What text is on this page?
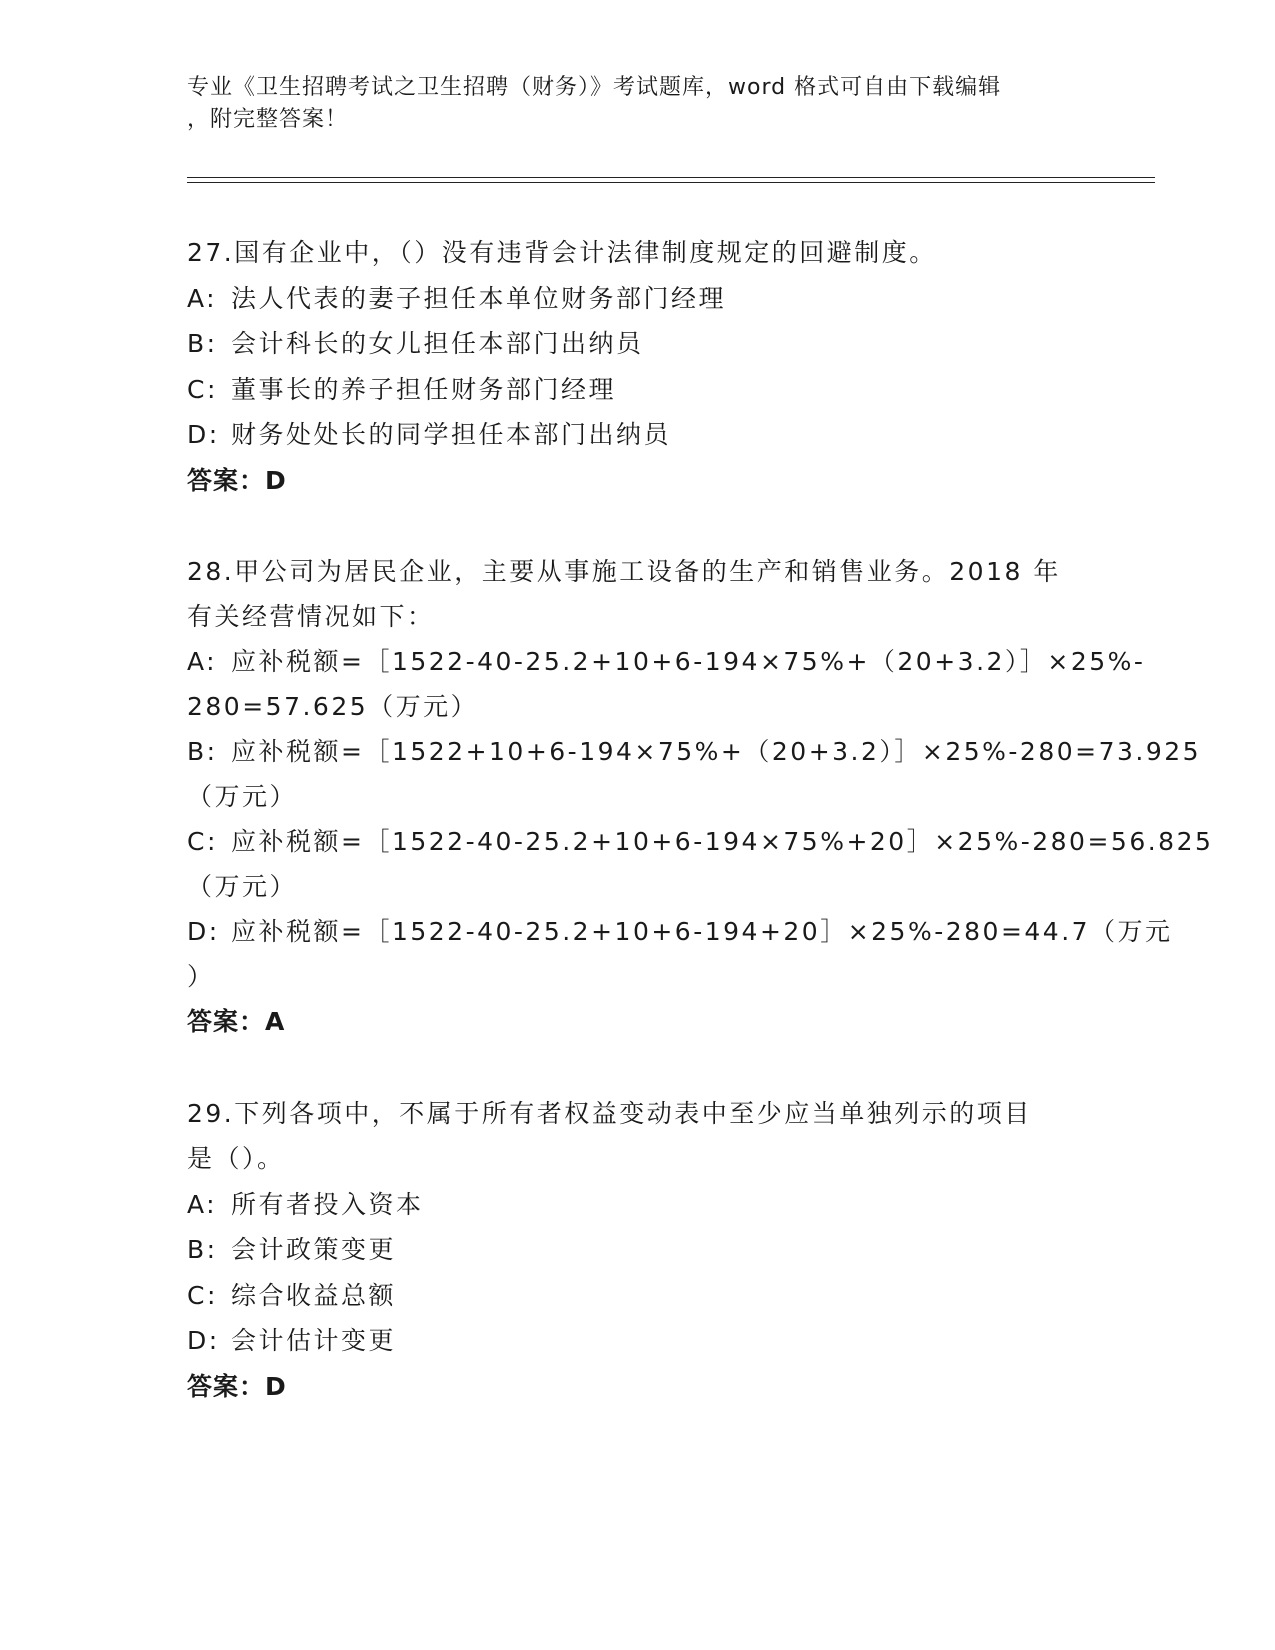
专业《卫生招聘考试之卫生招聘（财务）》考试题库，word 格式可自由下载编辑
，附完整答案！
27.国有企业中，（）没有违背会计法律制度规定的回避制度。
A: 法人代表的妻子担任本单位财务部门经理
B: 会计科长的女儿担任本部门出纳员
C: 董事长的养子担任财务部门经理
D: 财务处处长的同学担任本部门出纳员
答案：D
28.甲公司为居民企业，主要从事施工设备的生产和销售业务。2018 年
有关经营情况如下：
A: 应补税额=［1522-40-25.2+10+6-194×75%+（20+3.2）］×25%-
280=57.625（万元）
B: 应补税额=［1522+10+6-194×75%+（20+3.2）］×25%-280=73.925
（万元）
C: 应补税额=［1522-40-25.2+10+6-194×75%+20］×25%-280=56.825
（万元）
D: 应补税额=［1522-40-25.2+10+6-194+20］×25%-280=44.7（万元
）
答案：A
29.下列各项中，不属于所有者权益变动表中至少应当单独列示的项目
是（）。
A: 所有者投入资本
B: 会计政策变更
C: 综合收益总额
D: 会计估计变更
答案：D
